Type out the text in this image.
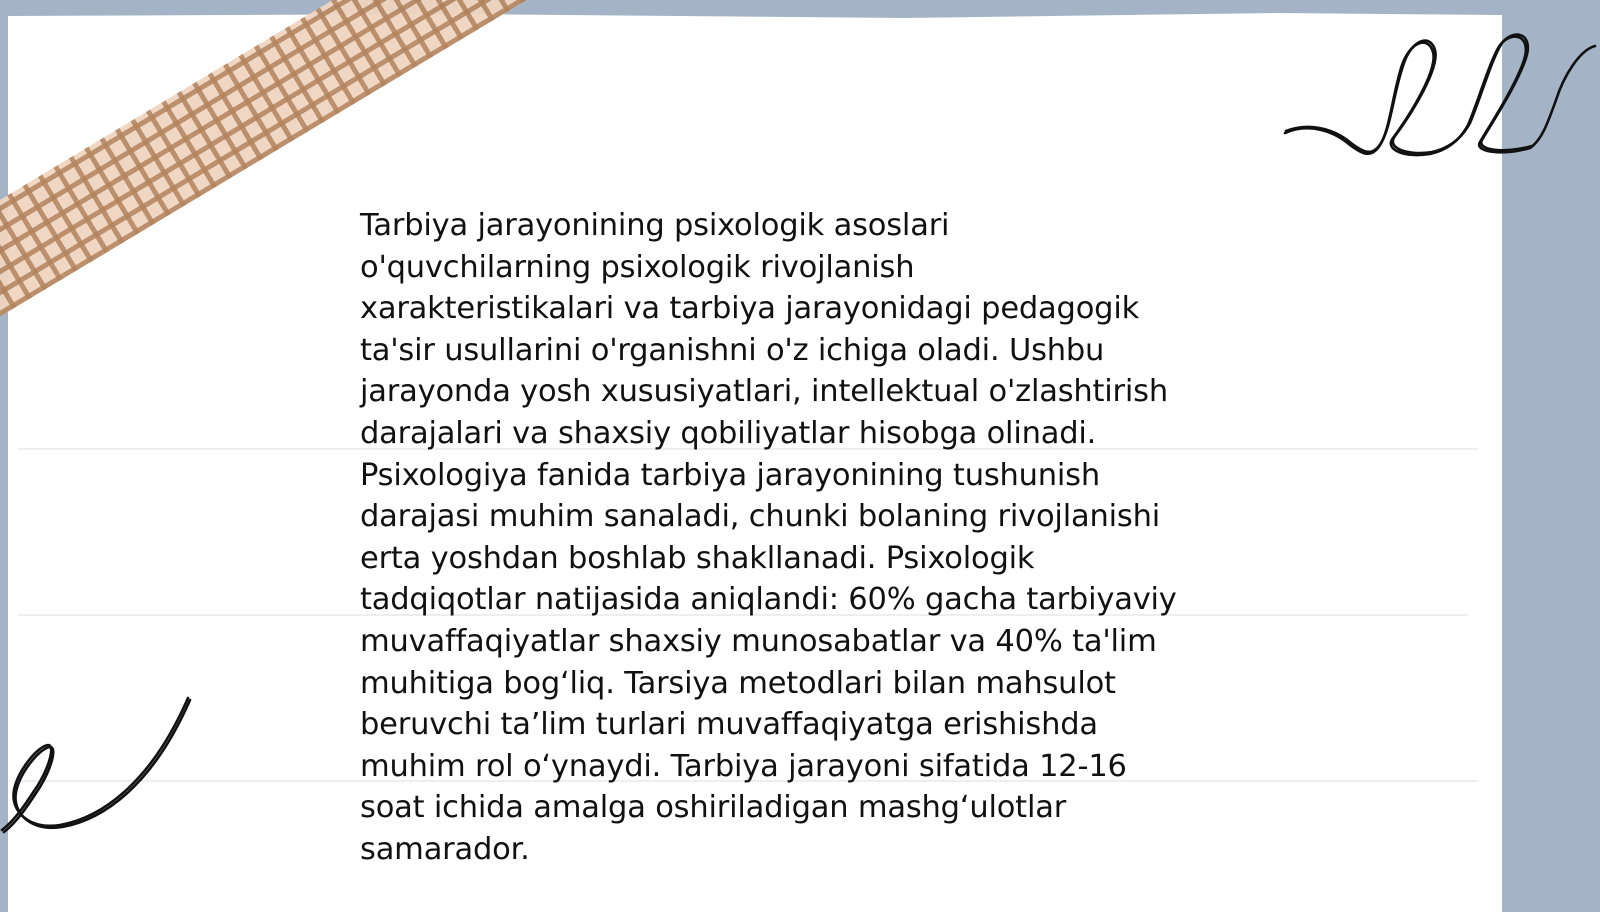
Tarbiya jarayonining psixologik asoslari
o'quvchilarning psixologik rivojlanish
xarakteristikalari va tarbiya jarayonidagi pedagogik
ta'sir usullarini o'rganishni o'z ichiga oladi. Ushbu
jarayonda yosh xususiyatlari, intellektual o'zlashtirish
darajalari va shaxsiy qobiliyatlar hisobga olinadi.
Psixologiya fanida tarbiya jarayonining tushunish
darajasi muhim sanaladi, chunki bolaning rivojlanishi
erta yoshdan boshlab shakllanadi. Psixologik
tadqiqotlar natijasida aniqlandi: 60% gacha tarbiyaviy
muvaffaqiyatlar shaxsiy munosabatlar va 40% ta'lim
muhitiga bog‘liq. Tarsiya metodlari bilan mahsulot
beruvchi ta’lim turlari muvaffaqiyatga erishishda
muhim rol o‘ynaydi. Tarbiya jarayoni sifatida 12-16
soat ichida amalga oshiriladigan mashg‘ulotlar
samarador.
